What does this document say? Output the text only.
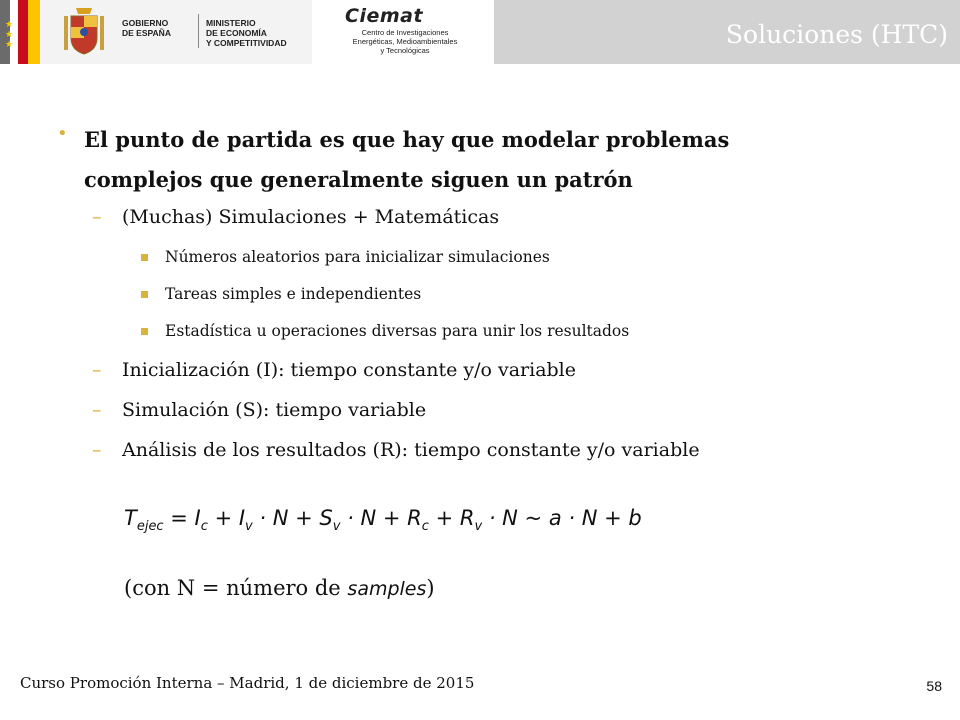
★
★
★
GOBIERNO
DE ESPAÑA
MINISTERIO
DE ECONOMÍA
Y COMPETITIVIDAD
Ciemat
Centro de Investigaciones
Energéticas, Medioambientales
y Tecnológicas
Soluciones (HTC)
• El punto de partida es que hay que modelar problemas
complejos que generalmente siguen un patrón
– (Muchas) Simulaciones + Matemáticas
Números aleatorios para inicializar simulaciones
Tareas simples e independientes
Estadística u operaciones diversas para unir los resultados
– Inicialización (I): tiempo constante y/o variable
– Simulación (S): tiempo variable
– Análisis de los resultados (R): tiempo constante y/o variable
$T_{ejec} = I_c + I_v \cdot N + S_v \cdot N + R_c + R_v \cdot N$ ~ a · N + b
(con N = número de samples)
Curso Promoción Interna – Madrid, 1 de diciembre de 2015	58
